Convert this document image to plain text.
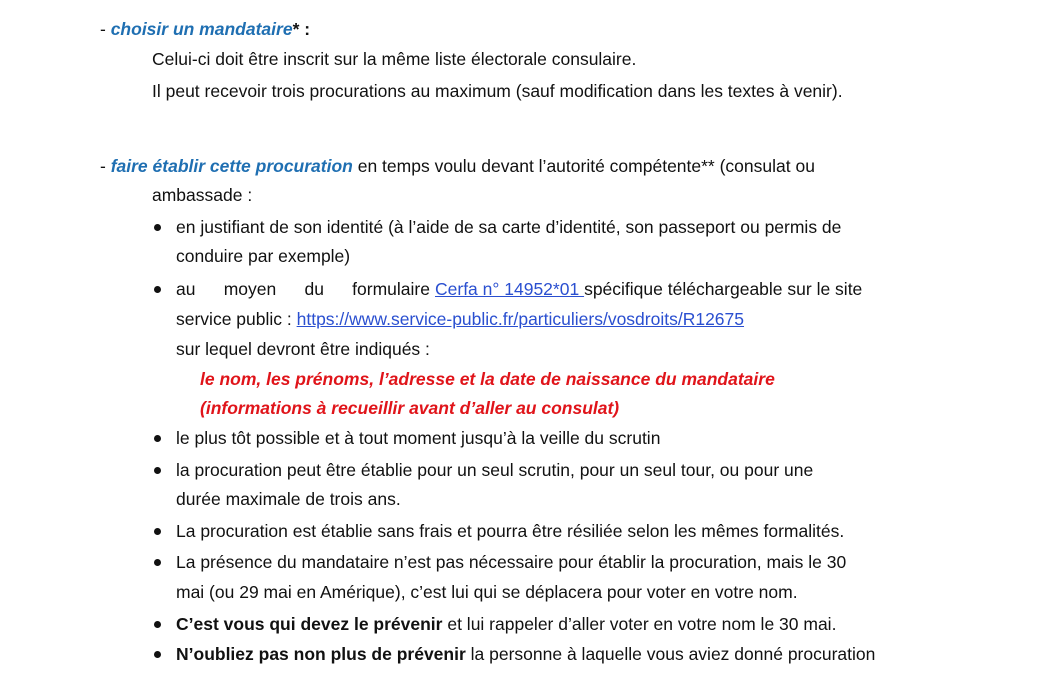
- choisir un mandataire* :
Celui-ci doit être inscrit sur la même liste électorale consulaire.
Il peut recevoir trois procurations au maximum (sauf modification dans les textes à venir).
- faire établir cette procuration en temps voulu devant l’autorité compétente** (consulat ou
ambassade :
en justifiant de son identité (à l’aide de sa carte d’identité, son passeport ou permis de
conduire par exemple)
au moyen du formulaire Cerfa n° 14952*01 spécifique téléchargeable sur le site
service public : https://www.service-public.fr/particuliers/vosdroits/R12675
sur lequel devront être indiqués :
le nom, les prénoms, l’adresse et la date de naissance du mandataire
(informations à recueillir avant d’aller au consulat)
le plus tôt possible et à tout moment jusqu’à la veille du scrutin
la procuration peut être établie pour un seul scrutin, pour un seul tour, ou pour une
durée maximale de trois ans.
La procuration est établie sans frais et pourra être résiliée selon les mêmes formalités.
La présence du mandataire n’est pas nécessaire pour établir la procuration, mais le 30
mai (ou 29 mai en Amérique), c’est lui qui se déplacera pour voter en votre nom.
C’est vous qui devez le prévenir et lui rappeler d’aller voter en votre nom le 30 mai.
N’oubliez pas non plus de prévenir la personne à laquelle vous aviez donné procuration
